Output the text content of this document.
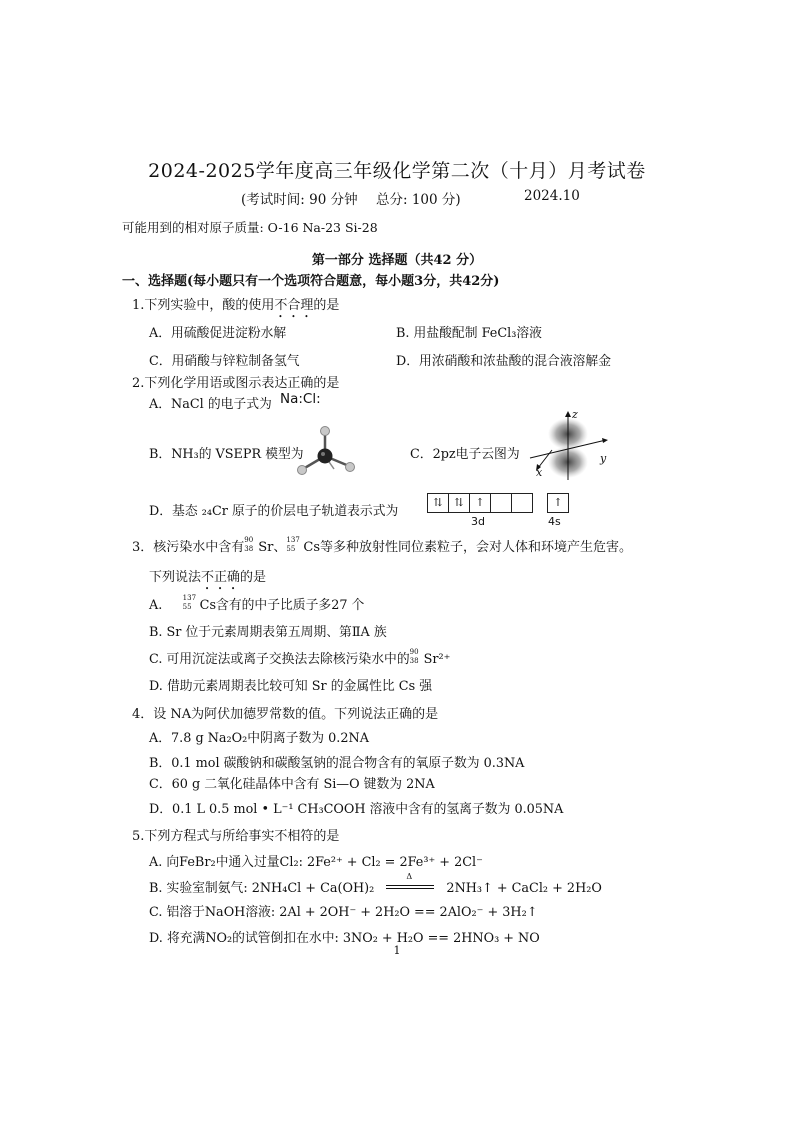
2024-2025学年度高三年级化学第二次（十月）月考试卷
(考试时间: 90 分钟 总分: 100 分)	2024.10
可能用到的相对原子质量: O-16 Na-23 Si-28
第一部分 选择题（共42 分）
一、选择题(每小题只有一个选项符合题意，每小题3分，共42分)
1.下列实验中，酸的使用不合理的是
A．用硫酸促进淀粉水解	B. 用盐酸配制 FeCl₃溶液
C．用硝酸与锌粒制备氢气	D．用浓硝酸和浓盐酸的混合液溶解金
2.下列化学用语或图示表达正确的是
A．NaCl 的电子式为 Na:Cl:
B．NH₃的 VSEPR 模型为	C．2pz电子云图为
z
x
y
D．基态 ₂₄Cr 原子的价层电子轨道表示式为
⇅	⇅	↑	↑
3d	4s
3．核污染水中含有 90
38 Sr、 137
55 Cs等多种放射性同位素粒子，会对人体和环境产生危害。
下列说法不正确的是
A.	137
55 Cs含有的中子比质子多27 个
B. Sr 位于元素周期表第五周期、第ⅡA 族
C. 可用沉淀法或离子交换法去除核污染水中的 90
38 Sr²⁺
D. 借助元素周期表比较可知 Sr 的金属性比 Cs 强
4．设 NA为阿伏加德罗常数的值。下列说法正确的是
A．7.8 g Na₂O₂中阴离子数为 0.2NA
B．0.1 mol 碳酸钠和碳酸氢钠的混合物含有的氧原子数为 0.3NA
C．60 g 二氧化硅晶体中含有 Si—O 键数为 2NA
D．0.1 L 0.5 mol • L⁻¹ CH₃COOH 溶液中含有的氢离子数为 0.05NA
5.下列方程式与所给事实不相符的是
A. 向FeBr₂中通入过量Cl₂: 2Fe²⁺ + Cl₂ = 2Fe³⁺ + 2Cl⁻
B. 实验室制氨气: 2NH₄Cl + Ca(OH)₂
Δ
2NH₃↑ + CaCl₂ + 2H₂O
C. 铝溶于NaOH溶液: 2Al + 2OH⁻ + 2H₂O == 2AlO₂⁻ + 3H₂↑
D. 将充满NO₂的试管倒扣在水中: 3NO₂ + H₂O == 2HNO₃ + NO
1
